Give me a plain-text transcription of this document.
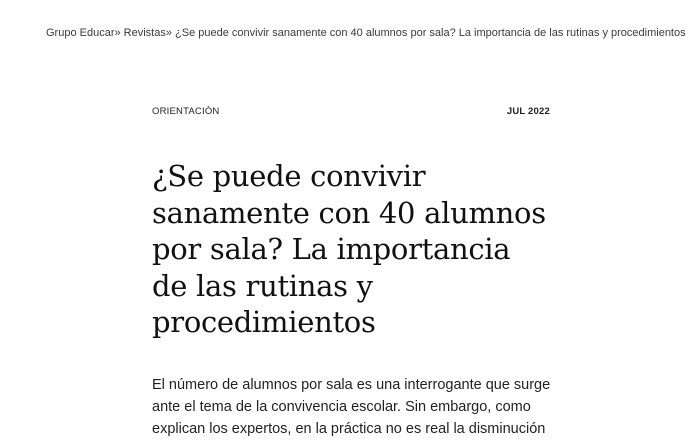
Grupo Educar» Revistas» ¿Se puede convivir sanamente con 40 alumnos por sala? La importancia de las rutinas y procedimientos
ORIENTACIÓN	JUL 2022
¿Se puede convivir sanamente con 40 alumnos por sala? La importancia de las rutinas y procedimientos

El número de alumnos por sala es una interrogante que surge ante el tema de la convivencia escolar. Sin embargo, como explican los expertos, en la práctica no es real la disminución
